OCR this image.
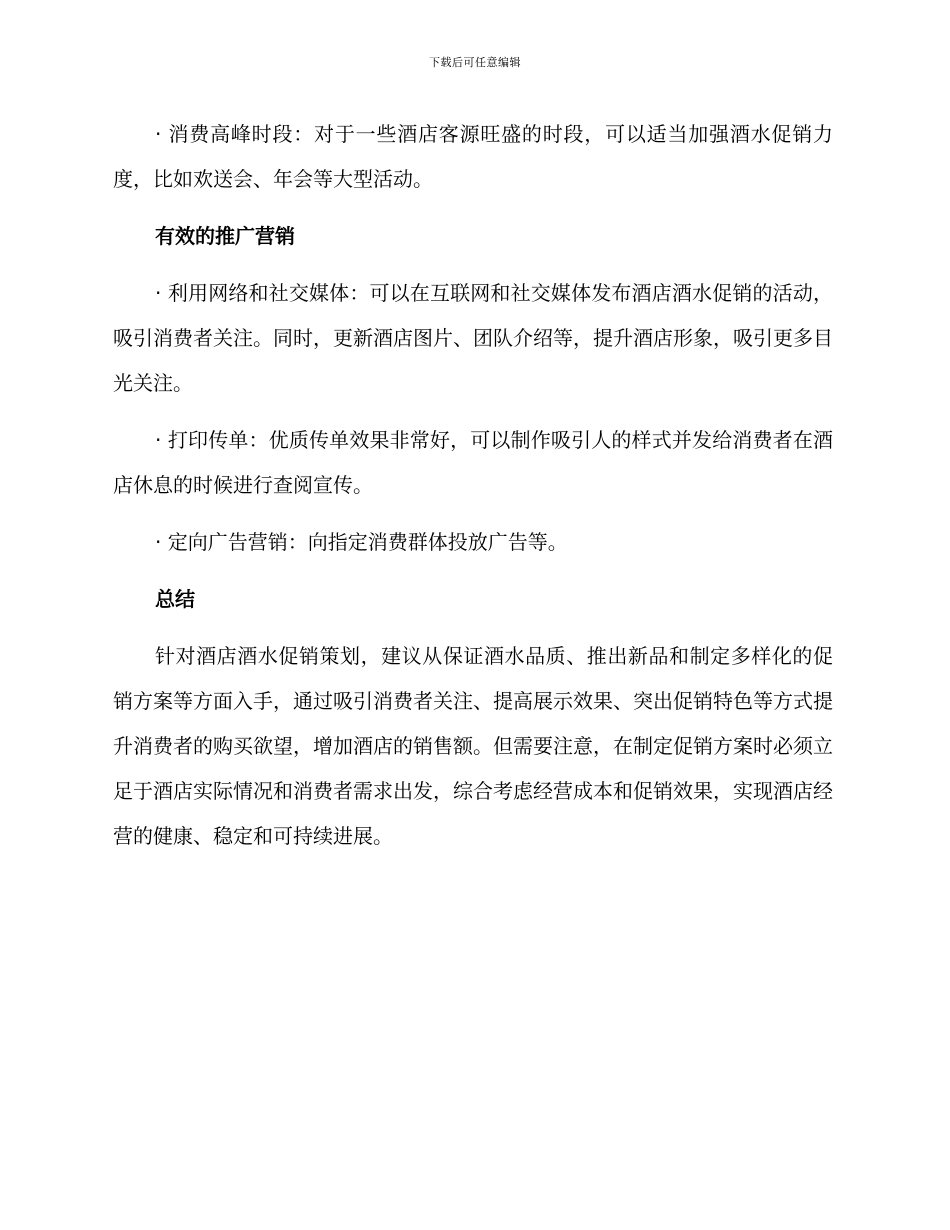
下载后可任意编辑

· 消费高峰时段：对于一些酒店客源旺盛的时段，可以适当加强酒水促销力度，比如欢送会、年会等大型活动。

有效的推广营销

· 利用网络和社交媒体：可以在互联网和社交媒体发布酒店酒水促销的活动，吸引消费者关注。同时，更新酒店图片、团队介绍等，提升酒店形象，吸引更多目光关注。

· 打印传单：优质传单效果非常好，可以制作吸引人的样式并发给消费者在酒店休息的时候进行查阅宣传。

· 定向广告营销：向指定消费群体投放广告等。

总结

针对酒店酒水促销策划，建议从保证酒水品质、推出新品和制定多样化的促销方案等方面入手，通过吸引消费者关注、提高展示效果、突出促销特色等方式提升消费者的购买欲望，增加酒店的销售额。但需要注意，在制定促销方案时必须立足于酒店实际情况和消费者需求出发，综合考虑经营成本和促销效果，实现酒店经营的健康、稳定和可持续进展。
